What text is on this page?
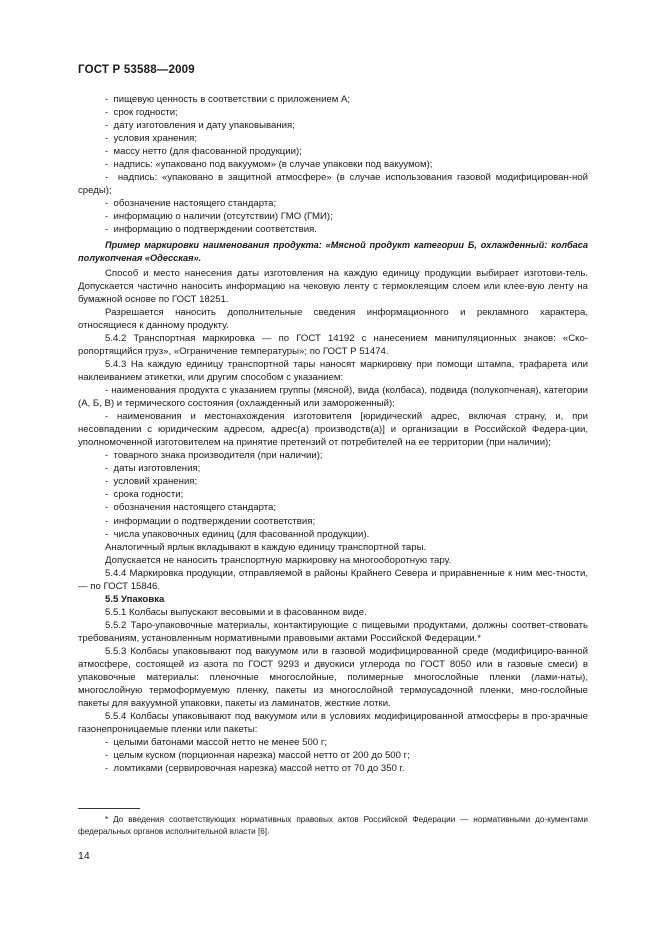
ГОСТ Р 53588—2009
- пищевую ценность в соответствии с приложением А;
- срок годности;
- дату изготовления и дату упаковывания;
- условия хранения;
- массу нетто (для фасованной продукции);
- надпись: «упаковано под вакуумом» (в случае упаковки под вакуумом);
- надпись: «упаковано в защитной атмосфере» (в случае использования газовой модифицирован-ной среды);
- обозначение настоящего стандарта;
- информацию о наличии (отсутствии) ГМО (ГМИ);
- информацию о подтверждении соответствия.
Пример маркировки наименования продукта: «Мясной продукт категории Б, охлажденный: колбаса полукопченая «Одесская».
Способ и место нанесения даты изготовления на каждую единицу продукции выбирает изготови-тель. Допускается частично наносить информацию на чековую ленту с термоклеящим слоем или клее-вую ленту на бумажной основе по ГОСТ 18251.
Разрешается наносить дополнительные сведения информационного и рекламного характера, относящиеся к данному продукту.
5.4.2 Транспортная маркировка — по ГОСТ 14192 с нанесением манипуляционных знаков: «Ско-ропортящийся груз», «Ограничение температуры»; по ГОСТ Р 51474.
5.4.3 На каждую единицу транспортной тары наносят маркировку при помощи штампа, трафарета или наклеиванием этикетки, или другим способом с указанием:
- наименования продукта с указанием группы (мясной), вида (колбаса), подвида (полукопченая), категории (А, Б, В) и термического состояния (охлажденный или замороженный);
- наименования и местонахождения изготовителя [юридический адрес, включая страну, и, при несовпадении с юридическим адресом, адрес(а) производств(а)] и организации в Российской Федера-ции, уполномоченной изготовителем на принятие претензий от потребителей на ее территории (при наличии);
- товарного знака производителя (при наличии);
- даты изготовления;
- условий хранения;
- срока годности;
- обозначения настоящего стандарта;
- информации о подтверждении соответствия;
- числа упаковочных единиц (для фасованной продукции).
Аналогичный ярлык вкладывают в каждую единицу транспортной тары.
Допускается не наносить транспортную маркировку на многооборотную тару.
5.4.4 Маркировка продукции, отправляемой в районы Крайнего Севера и приравненные к ним мес-тности, — по ГОСТ 15846.
5.5 Упаковка
5.5.1 Колбасы выпускают весовыми и в фасованном виде.
5.5.2 Таро-упаковочные материалы, контактирующие с пищевыми продуктами, должны соответ-ствовать требованиям, установленным нормативными правовыми актами Российской Федерации.*
5.5.3 Колбасы упаковывают под вакуумом или в газовой модифицированной среде (модифициро-ванной атмосфере, состоящей из азота по ГОСТ 9293 и двуокиси углерода по ГОСТ 8050 или в газовые смеси) в упаковочные материалы: пленочные многослойные, полимерные многослойные пленки (лами-наты), многослойную термоформуемую пленку, пакеты из многослойной термоусадочной пленки, мно-гослойные пакеты для вакуумной упаковки, пакеты из ламинатов, жесткие лотки.
5.5.4 Колбасы упаковывают под вакуумом или в условиях модифицированной атмосферы в про-зрачные газонепроницаемые пленки или пакеты:
- целыми батонами массой нетто не менее 500 г;
- целым куском (порционная нарезка) массой нетто от 200 до 500 г;
- ломтиками (сервировочная нарезка) массой нетто от 70 до 350 г.
* До введения соответствующих нормативных правовых актов Российской Федерации — нормативными до-кументами федеральных органов исполнительной власти [6].
14
